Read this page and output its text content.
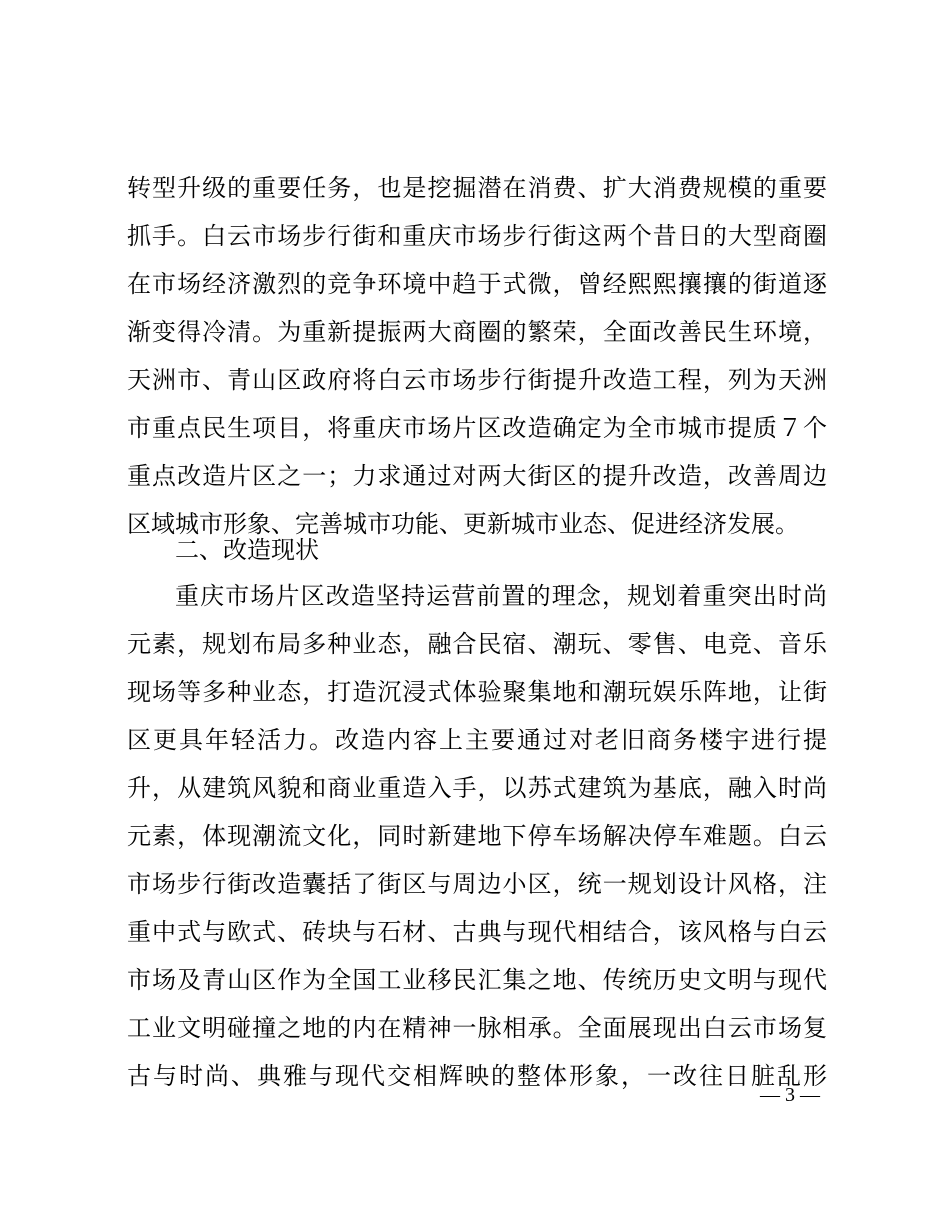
转型升级的重要任务，也是挖掘潜在消费、扩大消费规模的重要
抓手。白云市场步行街和重庆市场步行街这两个昔日的大型商圈
在市场经济激烈的竞争环境中趋于式微，曾经熙熙攘攘的街道逐
渐变得冷清。为重新提振两大商圈的繁荣，全面改善民生环境，
天洲市、青山区政府将白云市场步行街提升改造工程，列为天洲
市重点民生项目，将重庆市场片区改造确定为全市城市提质７个
重点改造片区之一；力求通过对两大街区的提升改造，改善周边
区域城市形象、完善城市功能、更新城市业态、促进经济发展。
二、改造现状
重庆市场片区改造坚持运营前置的理念，规划着重突出时尚
元素，规划布局多种业态，融合民宿、潮玩、零售、电竞、音乐
现场等多种业态，打造沉浸式体验聚集地和潮玩娱乐阵地，让街
区更具年轻活力。改造内容上主要通过对老旧商务楼宇进行提
升，从建筑风貌和商业重造入手，以苏式建筑为基底，融入时尚
元素，体现潮流文化，同时新建地下停车场解决停车难题。白云
市场步行街改造囊括了街区与周边小区，统一规划设计风格，注
重中式与欧式、砖块与石材、古典与现代相结合，该风格与白云
市场及青山区作为全国工业移民汇集之地、传统历史文明与现代
工业文明碰撞之地的内在精神一脉相承。全面展现出白云市场复
古与时尚、典雅与现代交相辉映的整体形象，一改往日脏乱形
— 3 —
